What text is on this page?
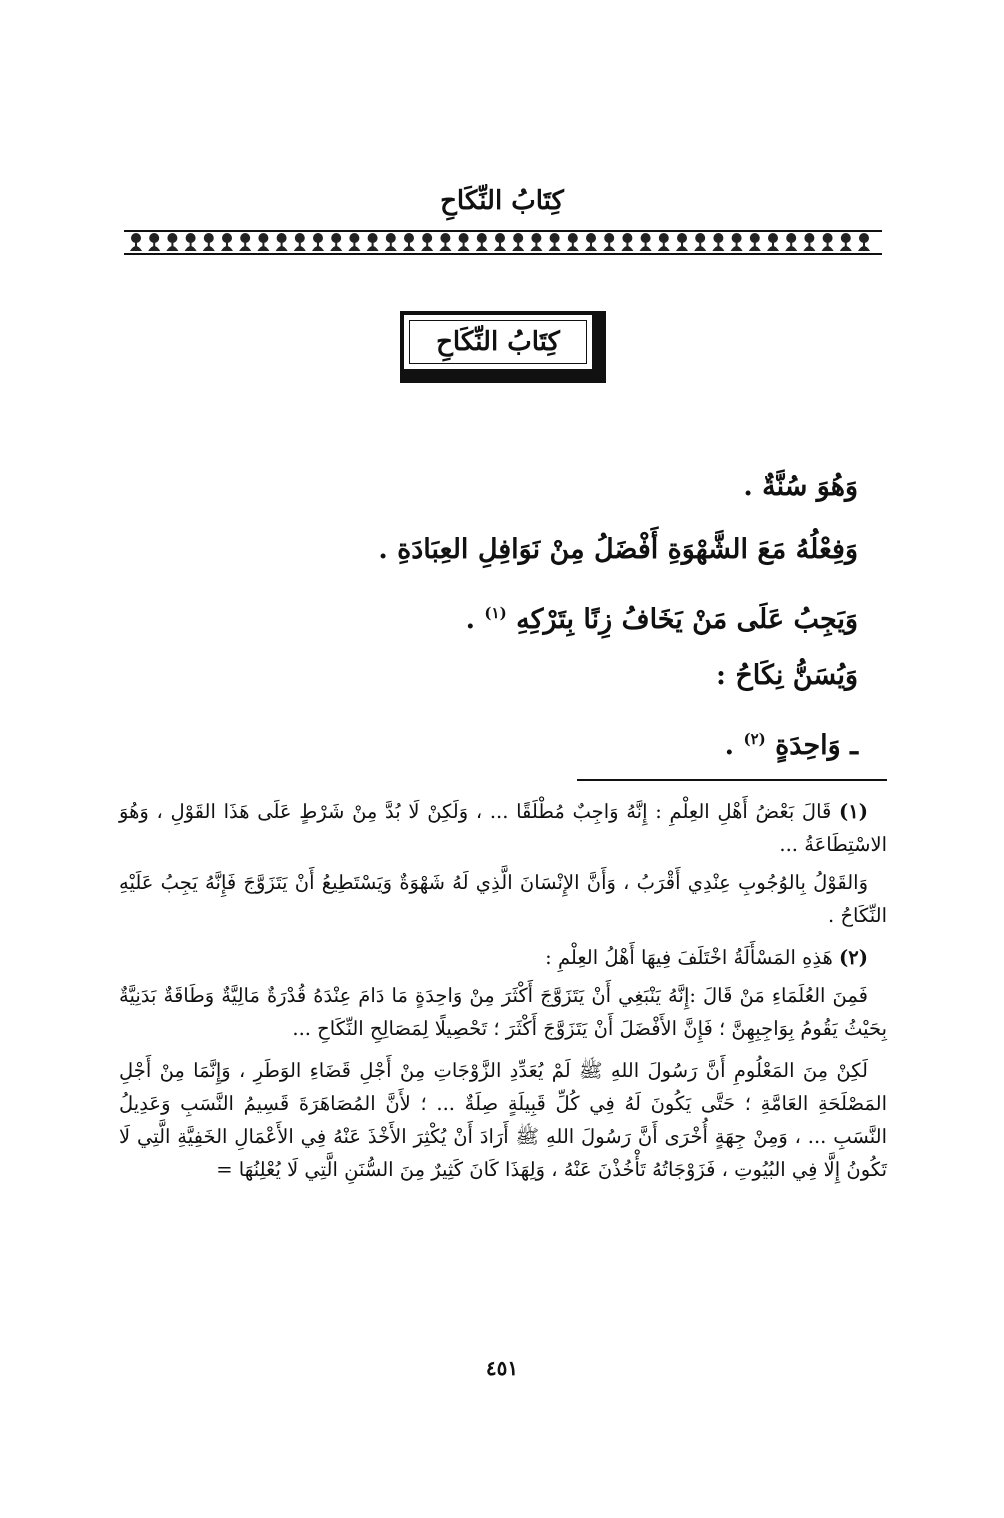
كِتَابُ النِّكَاحِ
كِتَابُ النِّكَاحِ
وَهُوَ سُنَّةٌ .
وَفِعْلُهُ مَعَ الشَّهْوَةِ أَفْضَلُ مِنْ نَوَافِلِ العِبَادَةِ .
وَيَجِبُ عَلَى مَنْ يَخَافُ زِنًا بِتَرْكِهِ $^{(١)}$ .
وَيُسَنُّ نِكَاحُ :
ـ وَاحِدَةٍ $^{(٢)}$ .

(١) قَالَ بَعْضُ أَهْلِ العِلْمِ : إِنَّهُ وَاجِبٌ مُطْلَقًا ... ، وَلَكِنْ لَا بُدَّ مِنْ شَرْطٍ عَلَى هَذَا القَوْلِ ، وَهُوَ الاسْتِطَاعَةُ ...

وَالقَوْلُ بِالوُجُوبِ عِنْدِي أَقْرَبُ ، وَأَنَّ الإِنْسَانَ الَّذِي لَهُ شَهْوَةٌ وَيَسْتَطِيعُ أَنْ يَتَزَوَّجَ فَإِنَّهُ يَجِبُ عَلَيْهِ النِّكَاحُ .

(٢) هَذِهِ المَسْأَلَةُ اخْتَلَفَ فِيهَا أَهْلُ العِلْمِ :

فَمِنَ العُلَمَاءِ مَنْ قَالَ :إِنَّهُ يَنْبَغِي أَنْ يَتَزَوَّجَ أَكْثَرَ مِنْ وَاحِدَةٍ مَا دَامَ عِنْدَهُ قُدْرَةٌ مَالِيَّةٌ وَطَاقَةٌ بَدَنِيَّةٌ بِحَيْثُ يَقُومُ بِوَاجِبِهِنَّ ؛ فَإِنَّ الأَفْضَلَ أَنْ يَتَزَوَّجَ أَكْثَرَ ؛ تَحْصِيلًا لِمَصَالِحِ النِّكَاحِ ...

لَكِنْ مِنَ المَعْلُومِ أَنَّ رَسُولَ اللهِ ﷺ لَمْ يُعَدِّدِ الزَّوْجَاتِ مِنْ أَجْلِ قَضَاءِ الوَطَرِ ، وَإِنَّمَا مِنْ أَجْلِ المَصْلَحَةِ العَامَّةِ ؛ حَتَّى يَكُونَ لَهُ فِي كُلِّ قَبِيلَةٍ صِلَةٌ ... ؛ لأَنَّ المُصَاهَرَةَ قَسِيمُ النَّسَبِ وَعَدِيلُ النَّسَبِ ... ، وَمِنْ جِهَةٍ أُخْرَى أَنَّ رَسُولَ اللهِ ﷺ أَرَادَ أَنْ يُكْثِرَ الأَخْذَ عَنْهُ فِي الأَعْمَالِ الخَفِيَّةِ الَّتِي لَا تَكُونُ إِلَّا فِي البُيُوتِ ، فَزَوْجَاتُهُ تَأْخُذْنَ عَنْهُ ، وَلِهَذَا كَانَ كَثِيرٌ مِنَ السُّنَنِ الَّتِي لَا يُعْلِنُهَا =

٤٥١
